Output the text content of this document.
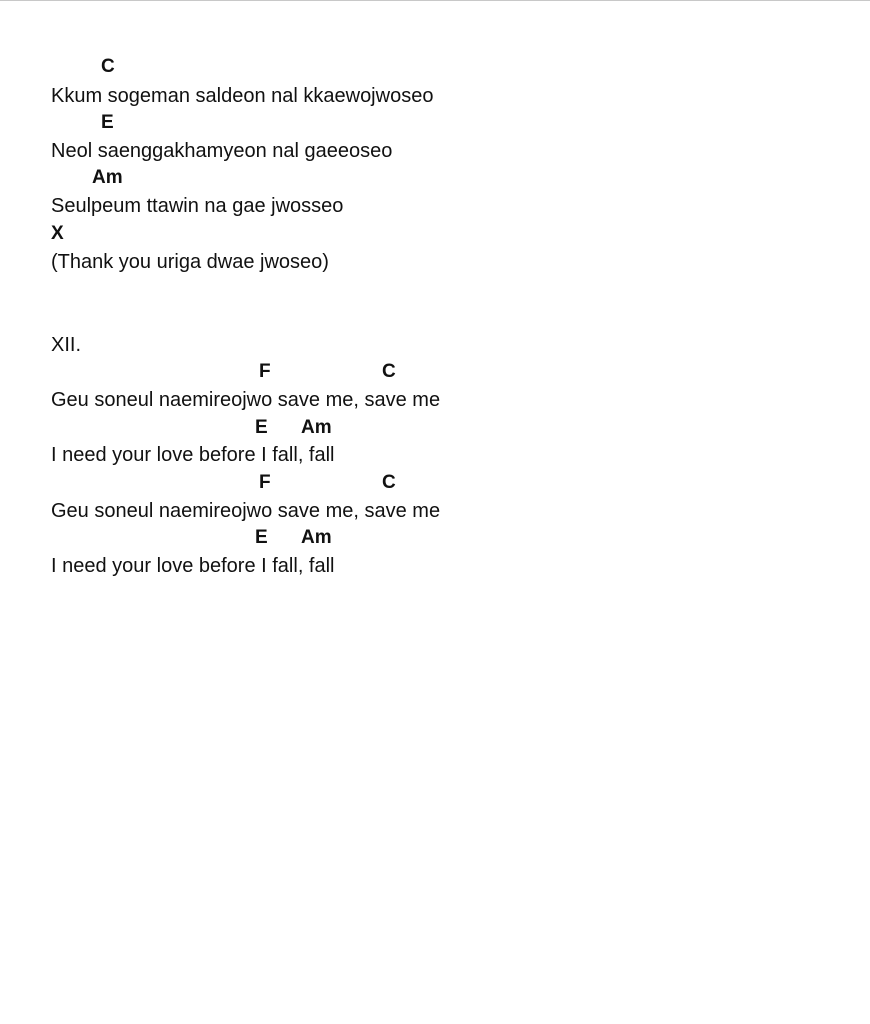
C
Kkum sogeman saldeon nal kkaewojwoseo
E
Neol saenggakhamyeon nal gaeeoseo
Am
Seulpeum ttawin na gae jwosseo
X
(Thank you uriga dwae jwoseo)
XII.
F	C
Geu soneul naemireojwo save me, save me
E Am
I need your love before I fall, fall
F	C
Geu soneul naemireojwo save me, save me
E Am
I need your love before I fall, fall
